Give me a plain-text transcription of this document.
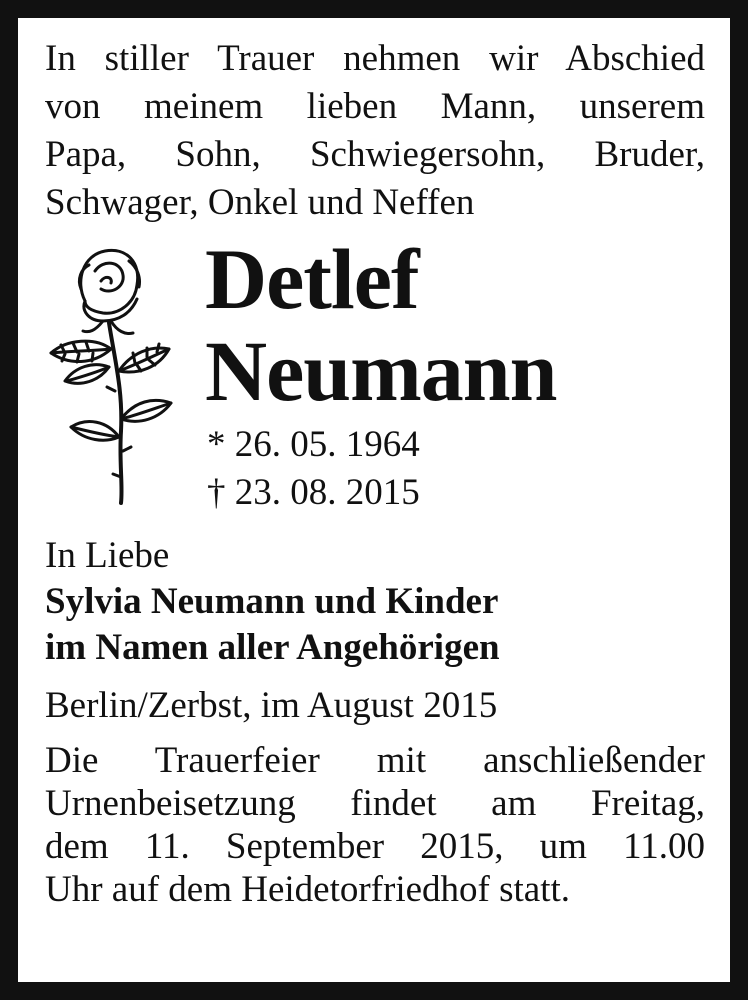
In stiller Trauer nehmen wir Abschied

von meinem lieben Mann, unserem

Papa, Sohn, Schwiegersohn, Bruder,

Schwager, Onkel und Neffen

Detlef
Neumann
* 26. 05. 1964
† 23. 08. 2015
In Liebe
Sylvia Neumann und Kinder
im Namen aller Angehörigen
Berlin/Zerbst, im August 2015

Die Trauerfeier mit anschließender

Urnenbeisetzung findet am Freitag,

dem 11. September 2015, um 11.00

Uhr auf dem Heidetorfriedhof statt.
